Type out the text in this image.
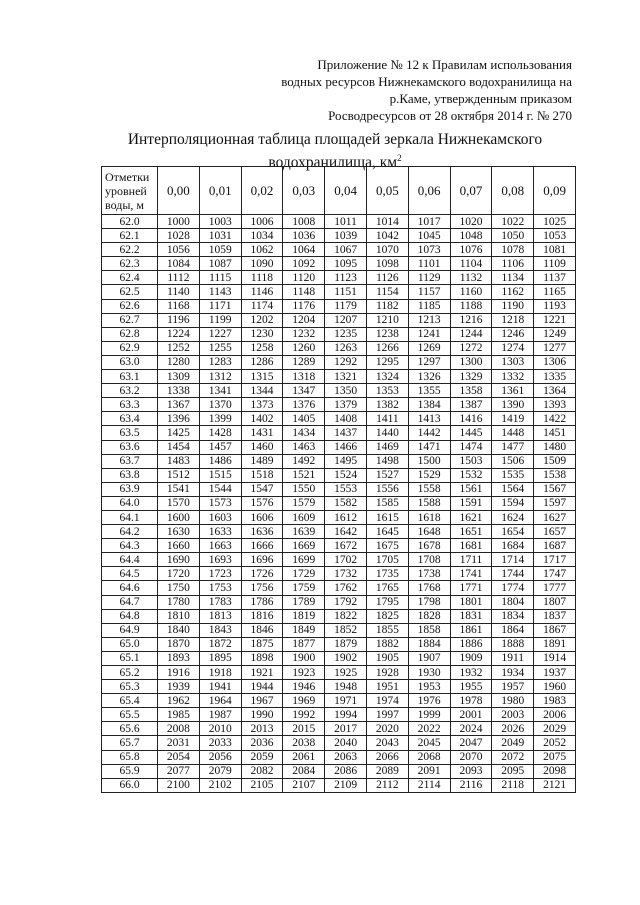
Приложение № 12 к Правилам использования
водных ресурсов Нижнекамского водохранилища на
р.Каме, утвержденным приказом
Росводресурсов от 28 октября 2014 г. № 270
Интерполяционная таблица площадей зеркала Нижнекамского
водохранилища, $км^2$
Отметки
уровней
воды, м	0,00	0,01	0,02	0,03	0,04	0,05	0,06	0,07	0,08	0,09
62.0	1000	1003	1006	1008	1011	1014	1017	1020	1022	1025
62.1	1028	1031	1034	1036	1039	1042	1045	1048	1050	1053
62.2	1056	1059	1062	1064	1067	1070	1073	1076	1078	1081
62.3	1084	1087	1090	1092	1095	1098	1101	1104	1106	1109
62.4	1112	1115	1118	1120	1123	1126	1129	1132	1134	1137
62.5	1140	1143	1146	1148	1151	1154	1157	1160	1162	1165
62.6	1168	1171	1174	1176	1179	1182	1185	1188	1190	1193
62.7	1196	1199	1202	1204	1207	1210	1213	1216	1218	1221
62.8	1224	1227	1230	1232	1235	1238	1241	1244	1246	1249
62.9	1252	1255	1258	1260	1263	1266	1269	1272	1274	1277
63.0	1280	1283	1286	1289	1292	1295	1297	1300	1303	1306
63.1	1309	1312	1315	1318	1321	1324	1326	1329	1332	1335
63.2	1338	1341	1344	1347	1350	1353	1355	1358	1361	1364
63.3	1367	1370	1373	1376	1379	1382	1384	1387	1390	1393
63.4	1396	1399	1402	1405	1408	1411	1413	1416	1419	1422
63.5	1425	1428	1431	1434	1437	1440	1442	1445	1448	1451
63.6	1454	1457	1460	1463	1466	1469	1471	1474	1477	1480
63.7	1483	1486	1489	1492	1495	1498	1500	1503	1506	1509
63.8	1512	1515	1518	1521	1524	1527	1529	1532	1535	1538
63.9	1541	1544	1547	1550	1553	1556	1558	1561	1564	1567
64.0	1570	1573	1576	1579	1582	1585	1588	1591	1594	1597
64.1	1600	1603	1606	1609	1612	1615	1618	1621	1624	1627
64.2	1630	1633	1636	1639	1642	1645	1648	1651	1654	1657
64.3	1660	1663	1666	1669	1672	1675	1678	1681	1684	1687
64.4	1690	1693	1696	1699	1702	1705	1708	1711	1714	1717
64.5	1720	1723	1726	1729	1732	1735	1738	1741	1744	1747
64.6	1750	1753	1756	1759	1762	1765	1768	1771	1774	1777
64.7	1780	1783	1786	1789	1792	1795	1798	1801	1804	1807
64.8	1810	1813	1816	1819	1822	1825	1828	1831	1834	1837
64.9	1840	1843	1846	1849	1852	1855	1858	1861	1864	1867
65.0	1870	1872	1875	1877	1879	1882	1884	1886	1888	1891
65.1	1893	1895	1898	1900	1902	1905	1907	1909	1911	1914
65.2	1916	1918	1921	1923	1925	1928	1930	1932	1934	1937
65.3	1939	1941	1944	1946	1948	1951	1953	1955	1957	1960
65.4	1962	1964	1967	1969	1971	1974	1976	1978	1980	1983
65.5	1985	1987	1990	1992	1994	1997	1999	2001	2003	2006
65.6	2008	2010	2013	2015	2017	2020	2022	2024	2026	2029
65.7	2031	2033	2036	2038	2040	2043	2045	2047	2049	2052
65.8	2054	2056	2059	2061	2063	2066	2068	2070	2072	2075
65.9	2077	2079	2082	2084	2086	2089	2091	2093	2095	2098
66.0	2100	2102	2105	2107	2109	2112	2114	2116	2118	2121
